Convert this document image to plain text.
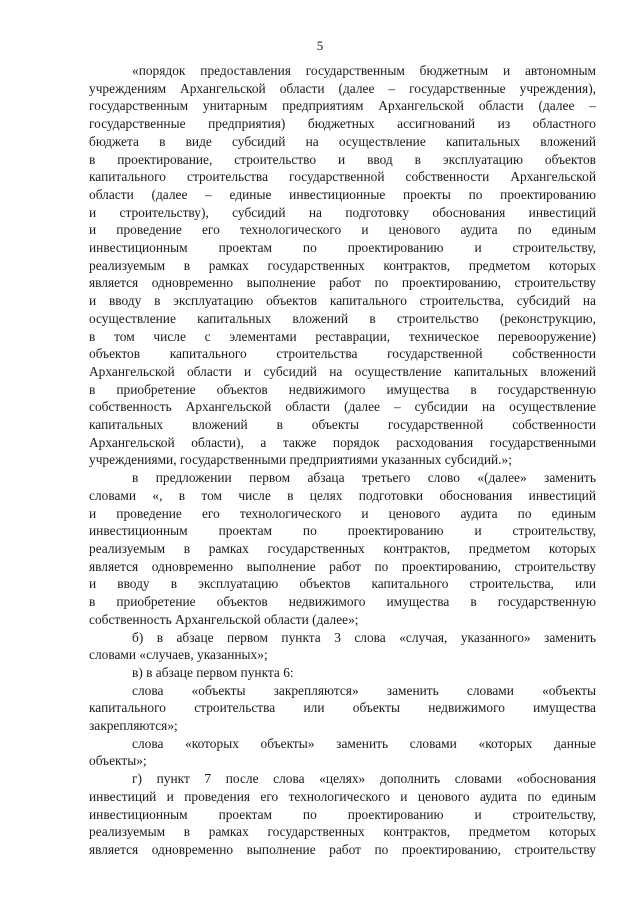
5

«порядок предоставления государственным бюджетным и автономным
учреждениям Архангельской области (далее – государственные учреждения),
государственным унитарным предприятиям Архангельской области (далее –
государственные предприятия) бюджетных ассигнований из областного
бюджета в виде субсидий на осуществление капитальных вложений
в проектирование, строительство и ввод в эксплуатацию объектов
капитального строительства государственной собственности Архангельской
области (далее – единые инвестиционные проекты по проектированию
и строительству), субсидий на подготовку обоснования инвестиций
и проведение его технологического и ценового аудита по единым
инвестиционным проектам по проектированию и строительству,
реализуемым в рамках государственных контрактов, предметом которых
является одновременно выполнение работ по проектированию, строительству
и вводу в эксплуатацию объектов капитального строительства, субсидий на
осуществление капитальных вложений в строительство (реконструкцию,
в том числе с элементами реставрации, техническое перевооружение)
объектов капитального строительства государственной собственности
Архангельской области и субсидий на осуществление капитальных вложений
в приобретение объектов недвижимого имущества в государственную
собственность Архангельской области (далее – субсидии на осуществление
капитальных вложений в объекты государственной собственности
Архангельской области), а также порядок расходования государственными
учреждениями, государственными предприятиями указанных субсидий.»;

в предложении первом абзаца третьего слово «(далее» заменить
словами «, в том числе в целях подготовки обоснования инвестиций
и проведение его технологического и ценового аудита по единым
инвестиционным проектам по проектированию и строительству,
реализуемым в рамках государственных контрактов, предметом которых
является одновременно выполнение работ по проектированию, строительству
и вводу в эксплуатацию объектов капитального строительства, или
в приобретение объектов недвижимого имущества в государственную
собственность Архангельской области (далее»;

б) в абзаце первом пункта 3 слова «случая, указанного» заменить
словами «случаев, указанных»;

в) в абзаце первом пункта 6:

слова «объекты закрепляются» заменить словами «объекты
капитального строительства или объекты недвижимого имущества
закрепляются»;

слова «которых объекты» заменить словами «которых данные
объекты»;

г) пункт 7 после слова «целях» дополнить словами «обоснования
инвестиций и проведения его технологического и ценового аудита по единым
инвестиционным проектам по проектированию и строительству,
реализуемым в рамках государственных контрактов, предметом которых
является одновременно выполнение работ по проектированию, строительству
